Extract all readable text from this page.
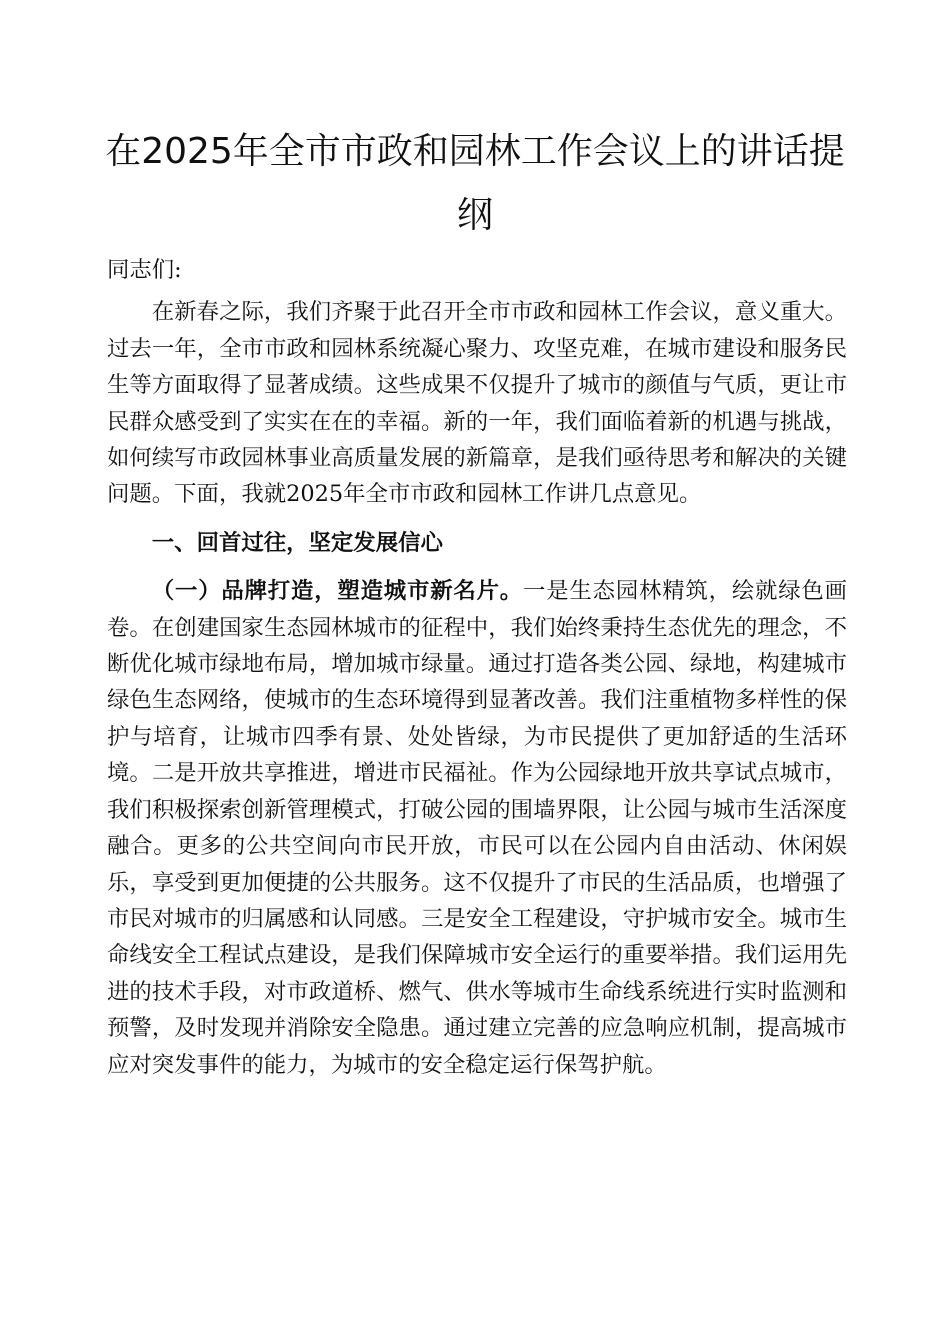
在2025年全市市政和园林工作会议上的讲话提纲

同志们:

在新春之际，我们齐聚于此召开全市市政和园林工作会议，意义重大。过去一年，全市市政和园林系统凝心聚力、攻坚克难，在城市建设和服务民生等方面取得了显著成绩。这些成果不仅提升了城市的颜值与气质，更让市民群众感受到了实实在在的幸福。新的一年，我们面临着新的机遇与挑战，如何续写市政园林事业高质量发展的新篇章，是我们亟待思考和解决的关键问题。下面，我就2025年全市市政和园林工作讲几点意见。

一、回首过往，坚定发展信心

（一）品牌打造，塑造城市新名片。一是生态园林精筑，绘就绿色画卷。在创建国家生态园林城市的征程中，我们始终秉持生态优先的理念，不断优化城市绿地布局，增加城市绿量。通过打造各类公园、绿地，构建城市绿色生态网络，使城市的生态环境得到显著改善。我们注重植物多样性的保护与培育，让城市四季有景、处处皆绿，为市民提供了更加舒适的生活环境。二是开放共享推进，增进市民福祉。作为公园绿地开放共享试点城市，我们积极探索创新管理模式，打破公园的围墙界限，让公园与城市生活深度融合。更多的公共空间向市民开放，市民可以在公园内自由活动、休闲娱乐，享受到更加便捷的公共服务。这不仅提升了市民的生活品质，也增强了市民对城市的归属感和认同感。三是安全工程建设，守护城市安全。城市生命线安全工程试点建设，是我们保障城市安全运行的重要举措。我们运用先进的技术手段，对市政道桥、燃气、供水等城市生命线系统进行实时监测和预警，及时发现并消除安全隐患。通过建立完善的应急响应机制，提高城市应对突发事件的能力，为城市的安全稳定运行保驾护航。
